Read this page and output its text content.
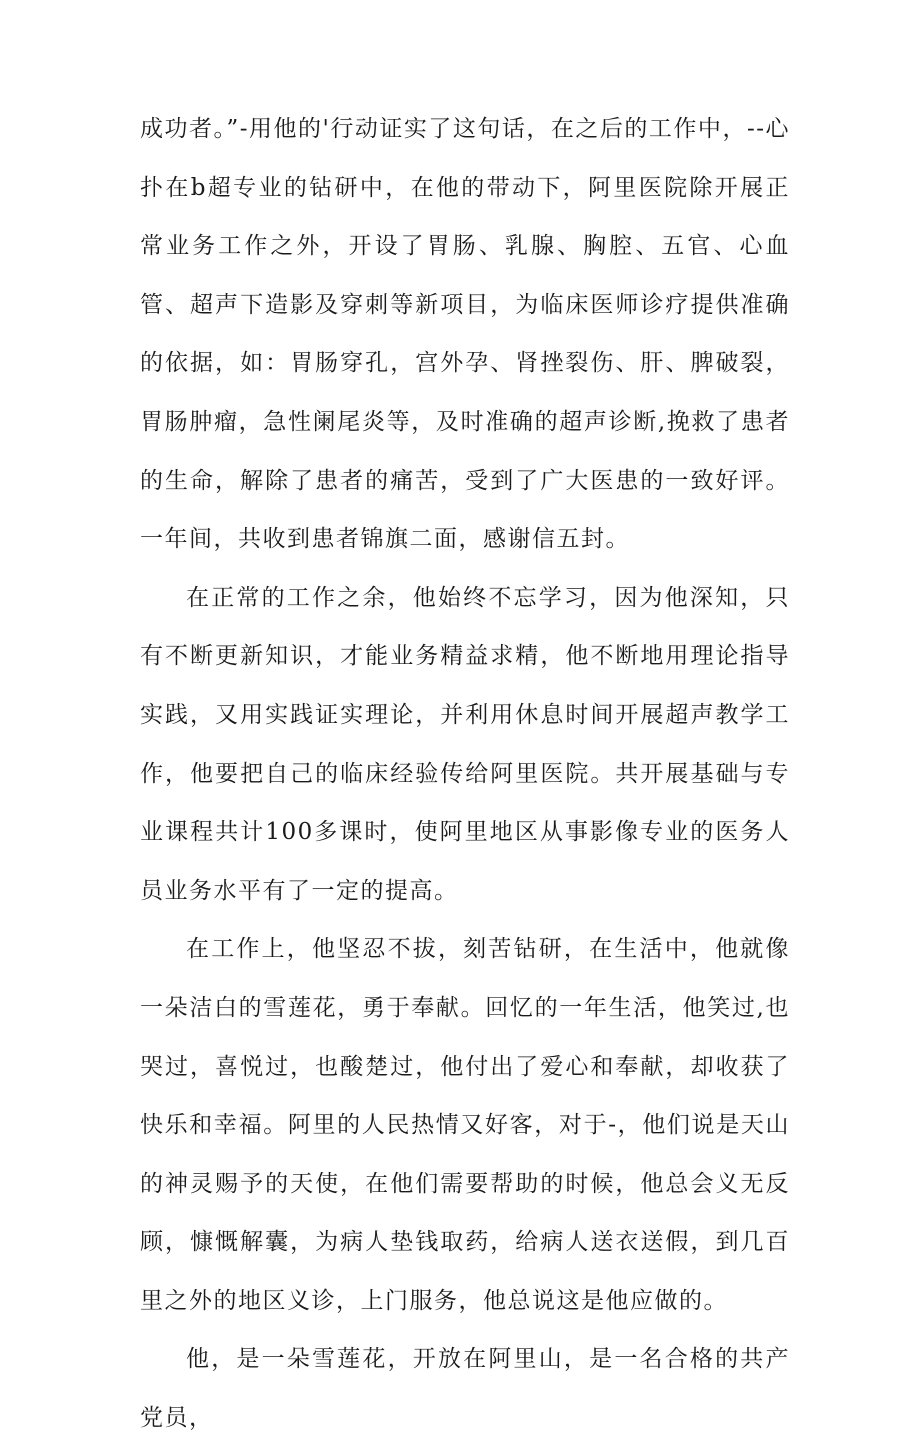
成功者。”-用他的'行动证实了这句话，在之后的工作中，--心扑在b超专业的钻研中，在他的带动下，阿里医院除开展正常业务工作之外，开设了胃肠、乳腺、胸腔、五官、心血管、超声下造影及穿刺等新项目，为临床医师诊疗提供准确的依据，如：胃肠穿孔，宫外孕、肾挫裂伤、肝、脾破裂，胃肠肿瘤，急性阑尾炎等，及时准确的超声诊断,挽救了患者的生命，解除了患者的痛苦，受到了广大医患的一致好评。一年间，共收到患者锦旗二面，感谢信五封。

在正常的工作之余，他始终不忘学习，因为他深知，只有不断更新知识，才能业务精益求精，他不断地用理论指导实践，又用实践证实理论，并利用休息时间开展超声教学工作，他要把自己的临床经验传给阿里医院。共开展基础与专业课程共计100多课时，使阿里地区从事影像专业的医务人员业务水平有了一定的提高。

在工作上，他坚忍不拔，刻苦钻研，在生活中，他就像一朵洁白的雪莲花，勇于奉献。回忆的一年生活，他笑过,也哭过，喜悦过，也酸楚过，他付出了爱心和奉献，却收获了快乐和幸福。阿里的人民热情又好客，对于-，他们说是天山的神灵赐予的天使，在他们需要帮助的时候，他总会义无反顾，慷慨解囊，为病人垫钱取药，给病人送衣送假，到几百里之外的地区义诊，上门服务，他总说这是他应做的。

他，是一朵雪莲花，开放在阿里山，是一名合格的共产党员，
